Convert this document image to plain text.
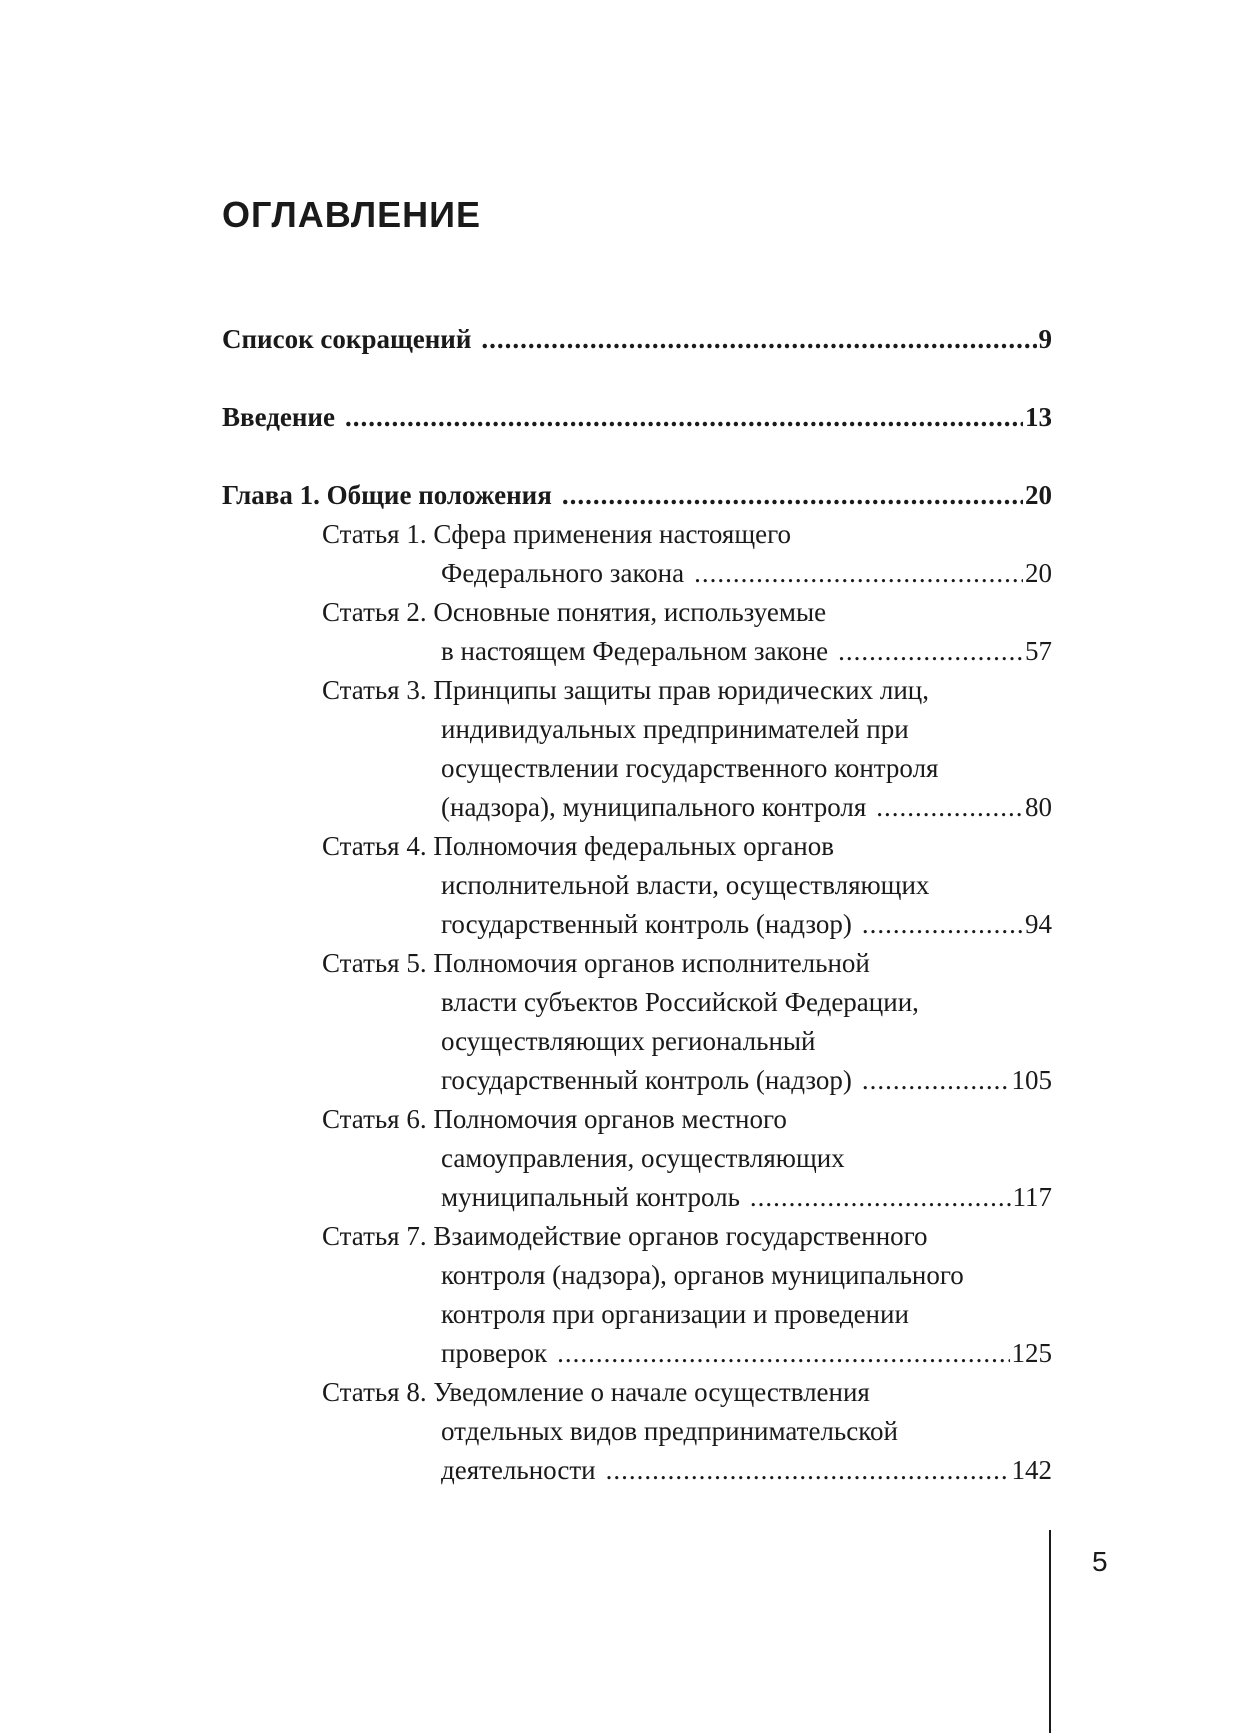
ОГЛАВЛЕНИЕ
Список сокращений .....	9
Введение .....	13
Глава 1. Общие положения .....	20
Статья 1. Сфера применения настоящего
Федерального закона .....	20
Статья 2. Основные понятия, используемые
в настоящем Федеральном законе .....	57
Статья 3. Принципы защиты прав юридических лиц,
индивидуальных предпринимателей при
осуществлении государственного контроля
(надзора), муниципального контроля .....	80
Статья 4. Полномочия федеральных органов
исполнительной власти, осуществляющих
государственный контроль (надзор) .....	94
Статья 5. Полномочия органов исполнительной
власти субъектов Российской Федерации,
осуществляющих региональный
государственный контроль (надзор) .....	105
Статья 6. Полномочия органов местного
самоуправления, осуществляющих
муниципальный контроль .....	117
Статья 7. Взаимодействие органов государственного
контроля (надзора), органов муниципального
контроля при организации и проведении
проверок .....	125
Статья 8. Уведомление о начале осуществления
отдельных видов предпринимательской
деятельности .....	142
5
